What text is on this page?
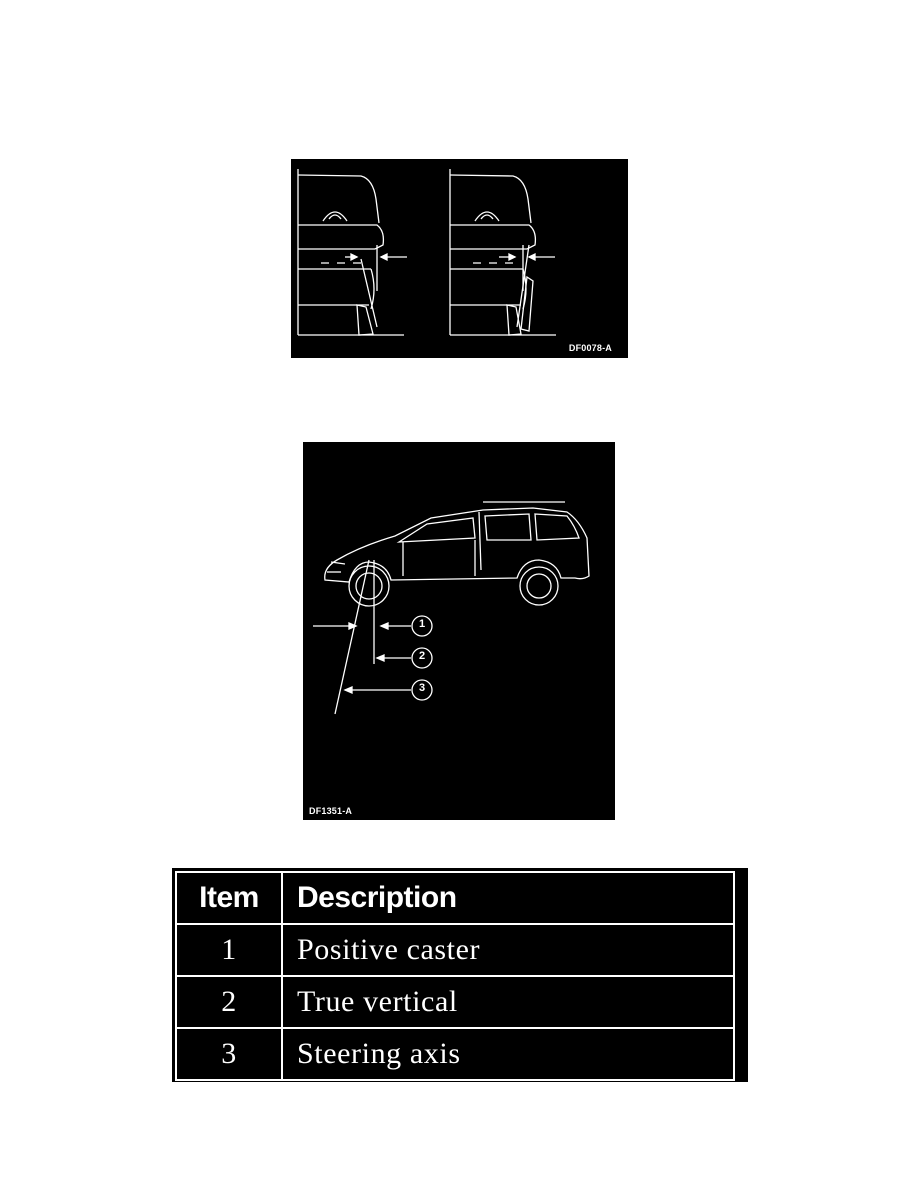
DF0078-A
1
2
3
DF1351-A
Item	Description
1	Positive caster
2	True vertical
3	Steering axis
